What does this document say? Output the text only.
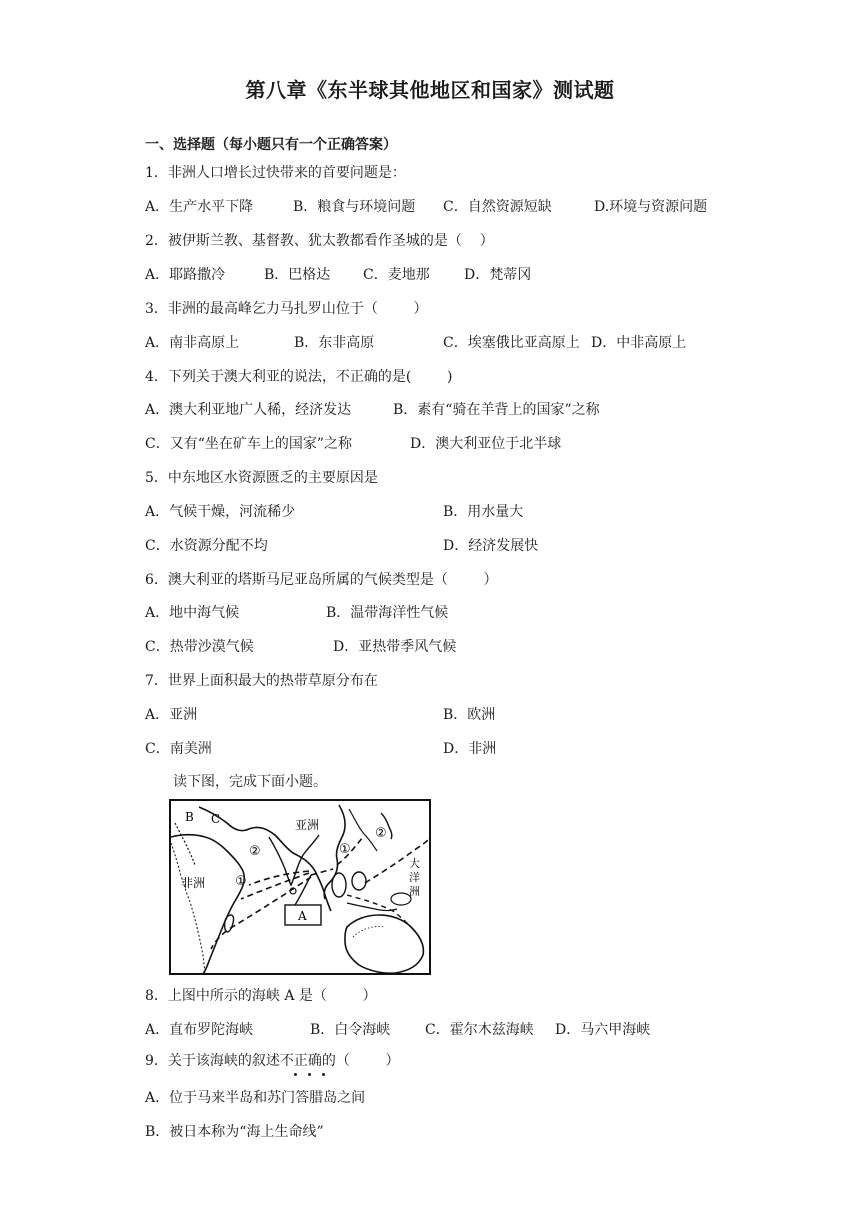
第八章《东半球其他地区和国家》测试题
一、选择题（每小题只有一个正确答案）
1．非洲人口增长过快带来的首要问题是：
A．生产水平下降	B．粮食与环境问题 C．自然资源短缺	D.环境与资源问题
2．被伊斯兰教、基督教、犹太教都看作圣城的是（    ）
A．耶路撒冷	B．巴格达 C．麦地那 D．梵蒂冈
3．非洲的最高峰乞力马扎罗山位于（        ）
A．南非高原上	B．东非高原	C．埃塞俄比亚高原上 D．中非高原上
4．下列关于澳大利亚的说法，不正确的是(        )
A．澳大利亚地广人稀，经济发达	B．素有“骑在羊背上的国家”之称
C．又有“坐在矿车上的国家”之称	D．澳大利亚位于北半球
5．中东地区水资源匮乏的主要原因是
A．气候干燥，河流稀少	B．用水量大
C．水资源分配不均	D．经济发展快
6．澳大利亚的塔斯马尼亚岛所属的气候类型是（        ）
A．地中海气候	B．温带海洋性气候
C．热带沙漠气候	D．亚热带季风气候
7．世界上面积最大的热带草原分布在
A．亚洲	B．欧洲
C．南美洲	D．非洲
读下图，完成下面小题。
B C	亚洲
非洲
②
①
①
②
大
洋
洲
A
8．上图中所示的海峡 A 是（        ）
A．直布罗陀海峡	B．白令海峡 C．霍尔木兹海峡 D．马六甲海峡
9．关于该海峡的叙述不正确的（        ）
A．位于马来半岛和苏门答腊岛之间
B．被日本称为“海上生命线”
